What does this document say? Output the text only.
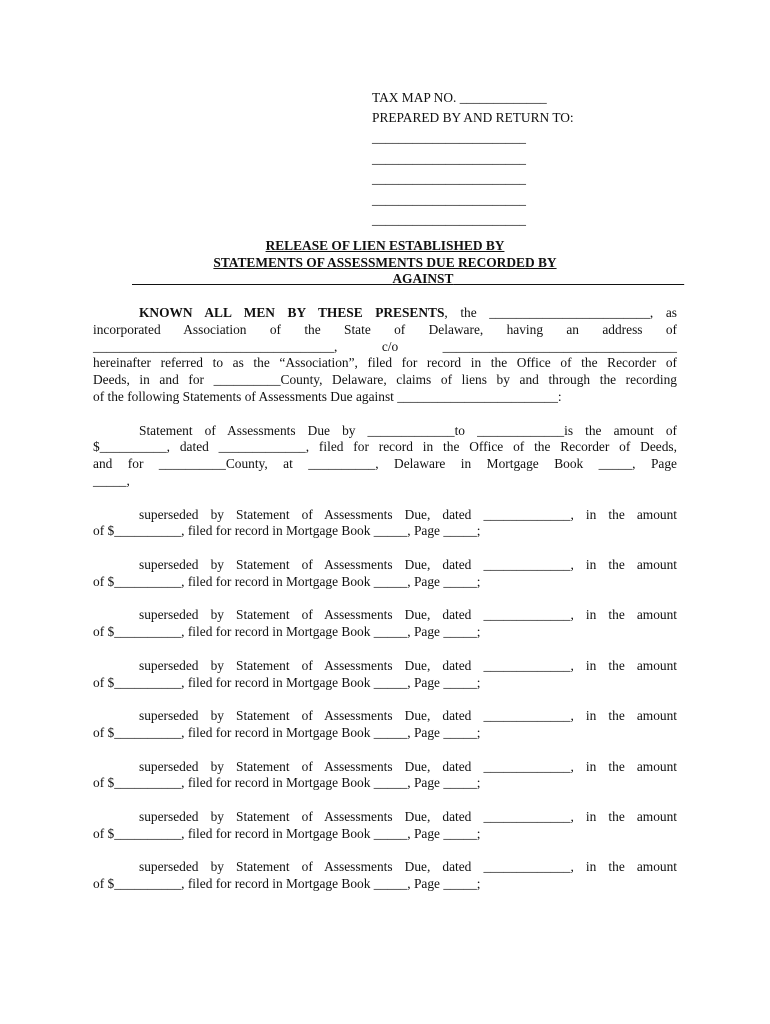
TAX MAP NO. _____________
PREPARED BY AND RETURN TO:
_______________________
_______________________
_______________________
_______________________
_______________________
RELEASE OF LIEN ESTABLISHED BY
STATEMENTS OF ASSESSMENTS DUE RECORDED BY
AGAINST
KNOWN ALL MEN BY THESE PRESENTS, the ________________________, as
incorporated Association of the State of Delaware, having an address of
____________________________________, c/o ___________________________________
hereinafter referred to as the “Association”, filed for record in the Office of the Recorder of
Deeds, in and for __________County, Delaware, claims of liens by and through the recording
of the following Statements of Assessments Due against ________________________:
Statement of Assessments Due by _____________to _____________is the amount of
$__________, dated _____________, filed for record in the Office of the Recorder of Deeds,
and for __________County, at __________, Delaware in Mortgage Book _____, Page
_____,
superseded by Statement of Assessments Due, dated _____________, in the amount
of $__________, filed for record in Mortgage Book _____, Page _____;
superseded by Statement of Assessments Due, dated _____________, in the amount
of $__________, filed for record in Mortgage Book _____, Page _____;
superseded by Statement of Assessments Due, dated _____________, in the amount
of $__________, filed for record in Mortgage Book _____, Page _____;
superseded by Statement of Assessments Due, dated _____________, in the amount
of $__________, filed for record in Mortgage Book _____, Page _____;
superseded by Statement of Assessments Due, dated _____________, in the amount
of $__________, filed for record in Mortgage Book _____, Page _____;
superseded by Statement of Assessments Due, dated _____________, in the amount
of $__________, filed for record in Mortgage Book _____, Page _____;
superseded by Statement of Assessments Due, dated _____________, in the amount
of $__________, filed for record in Mortgage Book _____, Page _____;
superseded by Statement of Assessments Due, dated _____________, in the amount
of $__________, filed for record in Mortgage Book _____, Page _____;
